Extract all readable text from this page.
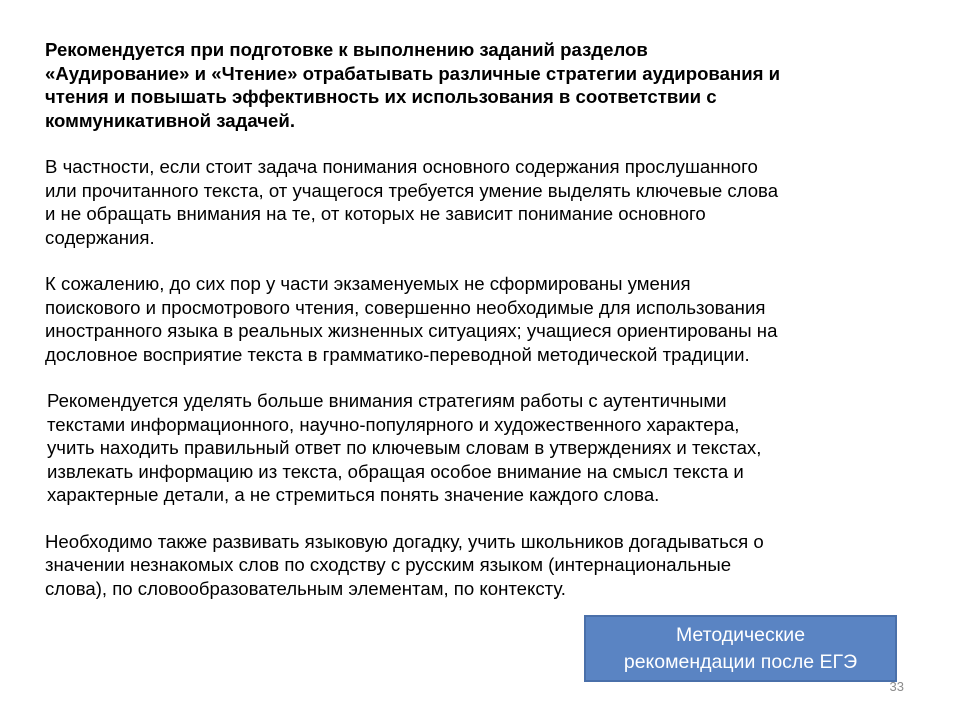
Рекомендуется при подготовке к выполнению заданий разделов
«Аудирование» и «Чтение» отрабатывать различные стратегии аудирования и
чтения и повышать эффективность их использования в соответствии с
коммуникативной задачей.

В частности, если стоит задача понимания основного содержания прослушанного
или прочитанного текста, от учащегося требуется умение выделять ключевые слова
и не обращать внимания на те, от которых не зависит понимание основного
содержания.

К сожалению, до сих пор у части экзаменуемых не сформированы умения
поискового и просмотрового чтения, совершенно необходимые для использования
иностранного языка в реальных жизненных ситуациях; учащиеся ориентированы на
дословное восприятие текста в грамматико-переводной методической традиции.

Рекомендуется уделять больше внимания стратегиям работы с аутентичными
текстами информационного, научно-популярного и художественного характера,
учить находить правильный ответ по ключевым словам в утверждениях и текстах,
извлекать информацию из текста, обращая особое внимание на смысл текста и
характерные детали, а не стремиться понять значение каждого слова.

Необходимо также развивать языковую догадку, учить школьников догадываться о
значении незнакомых слов по сходству с русским языком (интернациональные
слова), по словообразовательным элементам, по контексту.

Методические
рекомендации после ЕГЭ
33
